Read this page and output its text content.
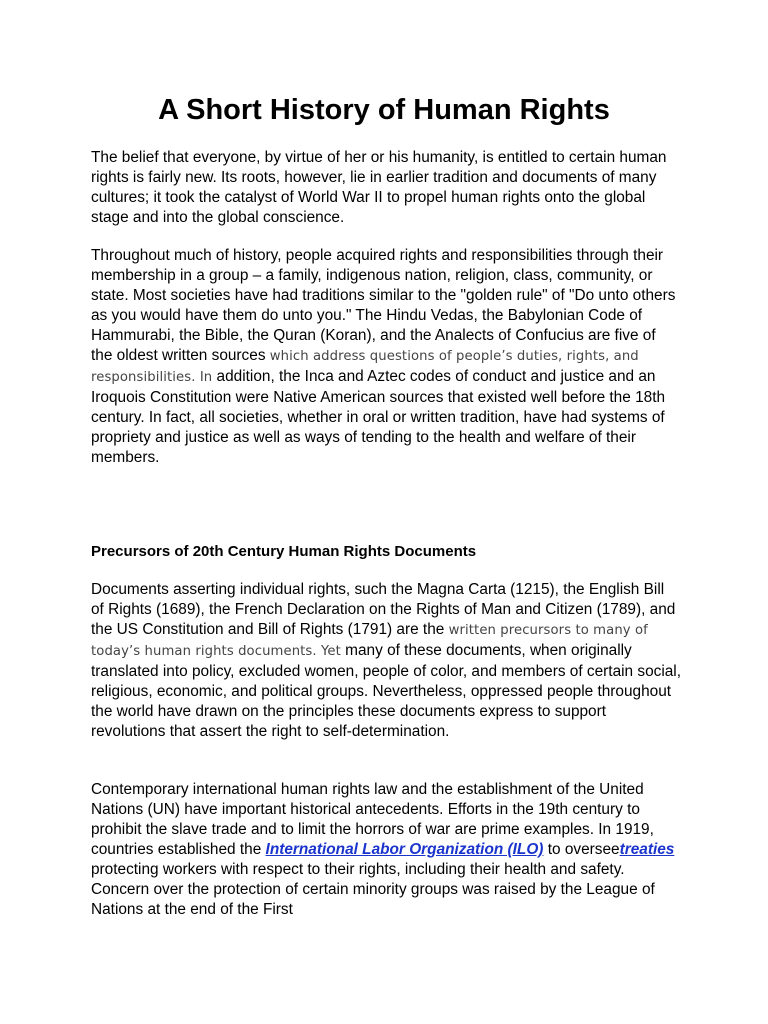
A Short History of Human Rights

The belief that everyone, by virtue of her or his humanity, is entitled to certain human rights is fairly new. Its roots, however, lie in earlier tradition and documents of many cultures; it took the catalyst of World War II to propel human rights onto the global stage and into the global conscience.

Throughout much of history, people acquired rights and responsibilities through their membership in a group – a family, indigenous nation, religion, class, community, or state. Most societies have had traditions similar to the "golden rule" of "Do unto others as you would have them do unto you." The Hindu Vedas, the Babylonian Code of Hammurabi, the Bible, the Quran (Koran), and the Analects of Confucius are five of the oldest written sources which address questions of people’s duties, rights, and responsibilities. In addition, the Inca and Aztec codes of conduct and justice and an Iroquois Constitution were Native American sources that existed well before the 18th century. In fact, all societies, whether in oral or written tradition, have had systems of propriety and justice as well as ways of tending to the health and welfare of their members.

Precursors of 20th Century Human Rights Documents

Documents asserting individual rights, such the Magna Carta (1215), the English Bill of Rights (1689), the French Declaration on the Rights of Man and Citizen (1789), and the US Constitution and Bill of Rights (1791) are the written precursors to many of today’s human rights documents. Yet many of these documents, when originally translated into policy, excluded women, people of color, and members of certain social, religious, economic, and political groups. Nevertheless, oppressed people throughout the world have drawn on the principles these documents express to support revolutions that assert the right to self-determination.

Contemporary international human rights law and the establishment of the United Nations (UN) have important historical antecedents. Efforts in the 19th century to prohibit the slave trade and to limit the horrors of war are prime examples. In 1919, countries established the International Labor Organization (ILO) to overseetreaties protecting workers with respect to their rights, including their health and safety. Concern over the protection of certain minority groups was raised by the League of Nations at the end of the First
